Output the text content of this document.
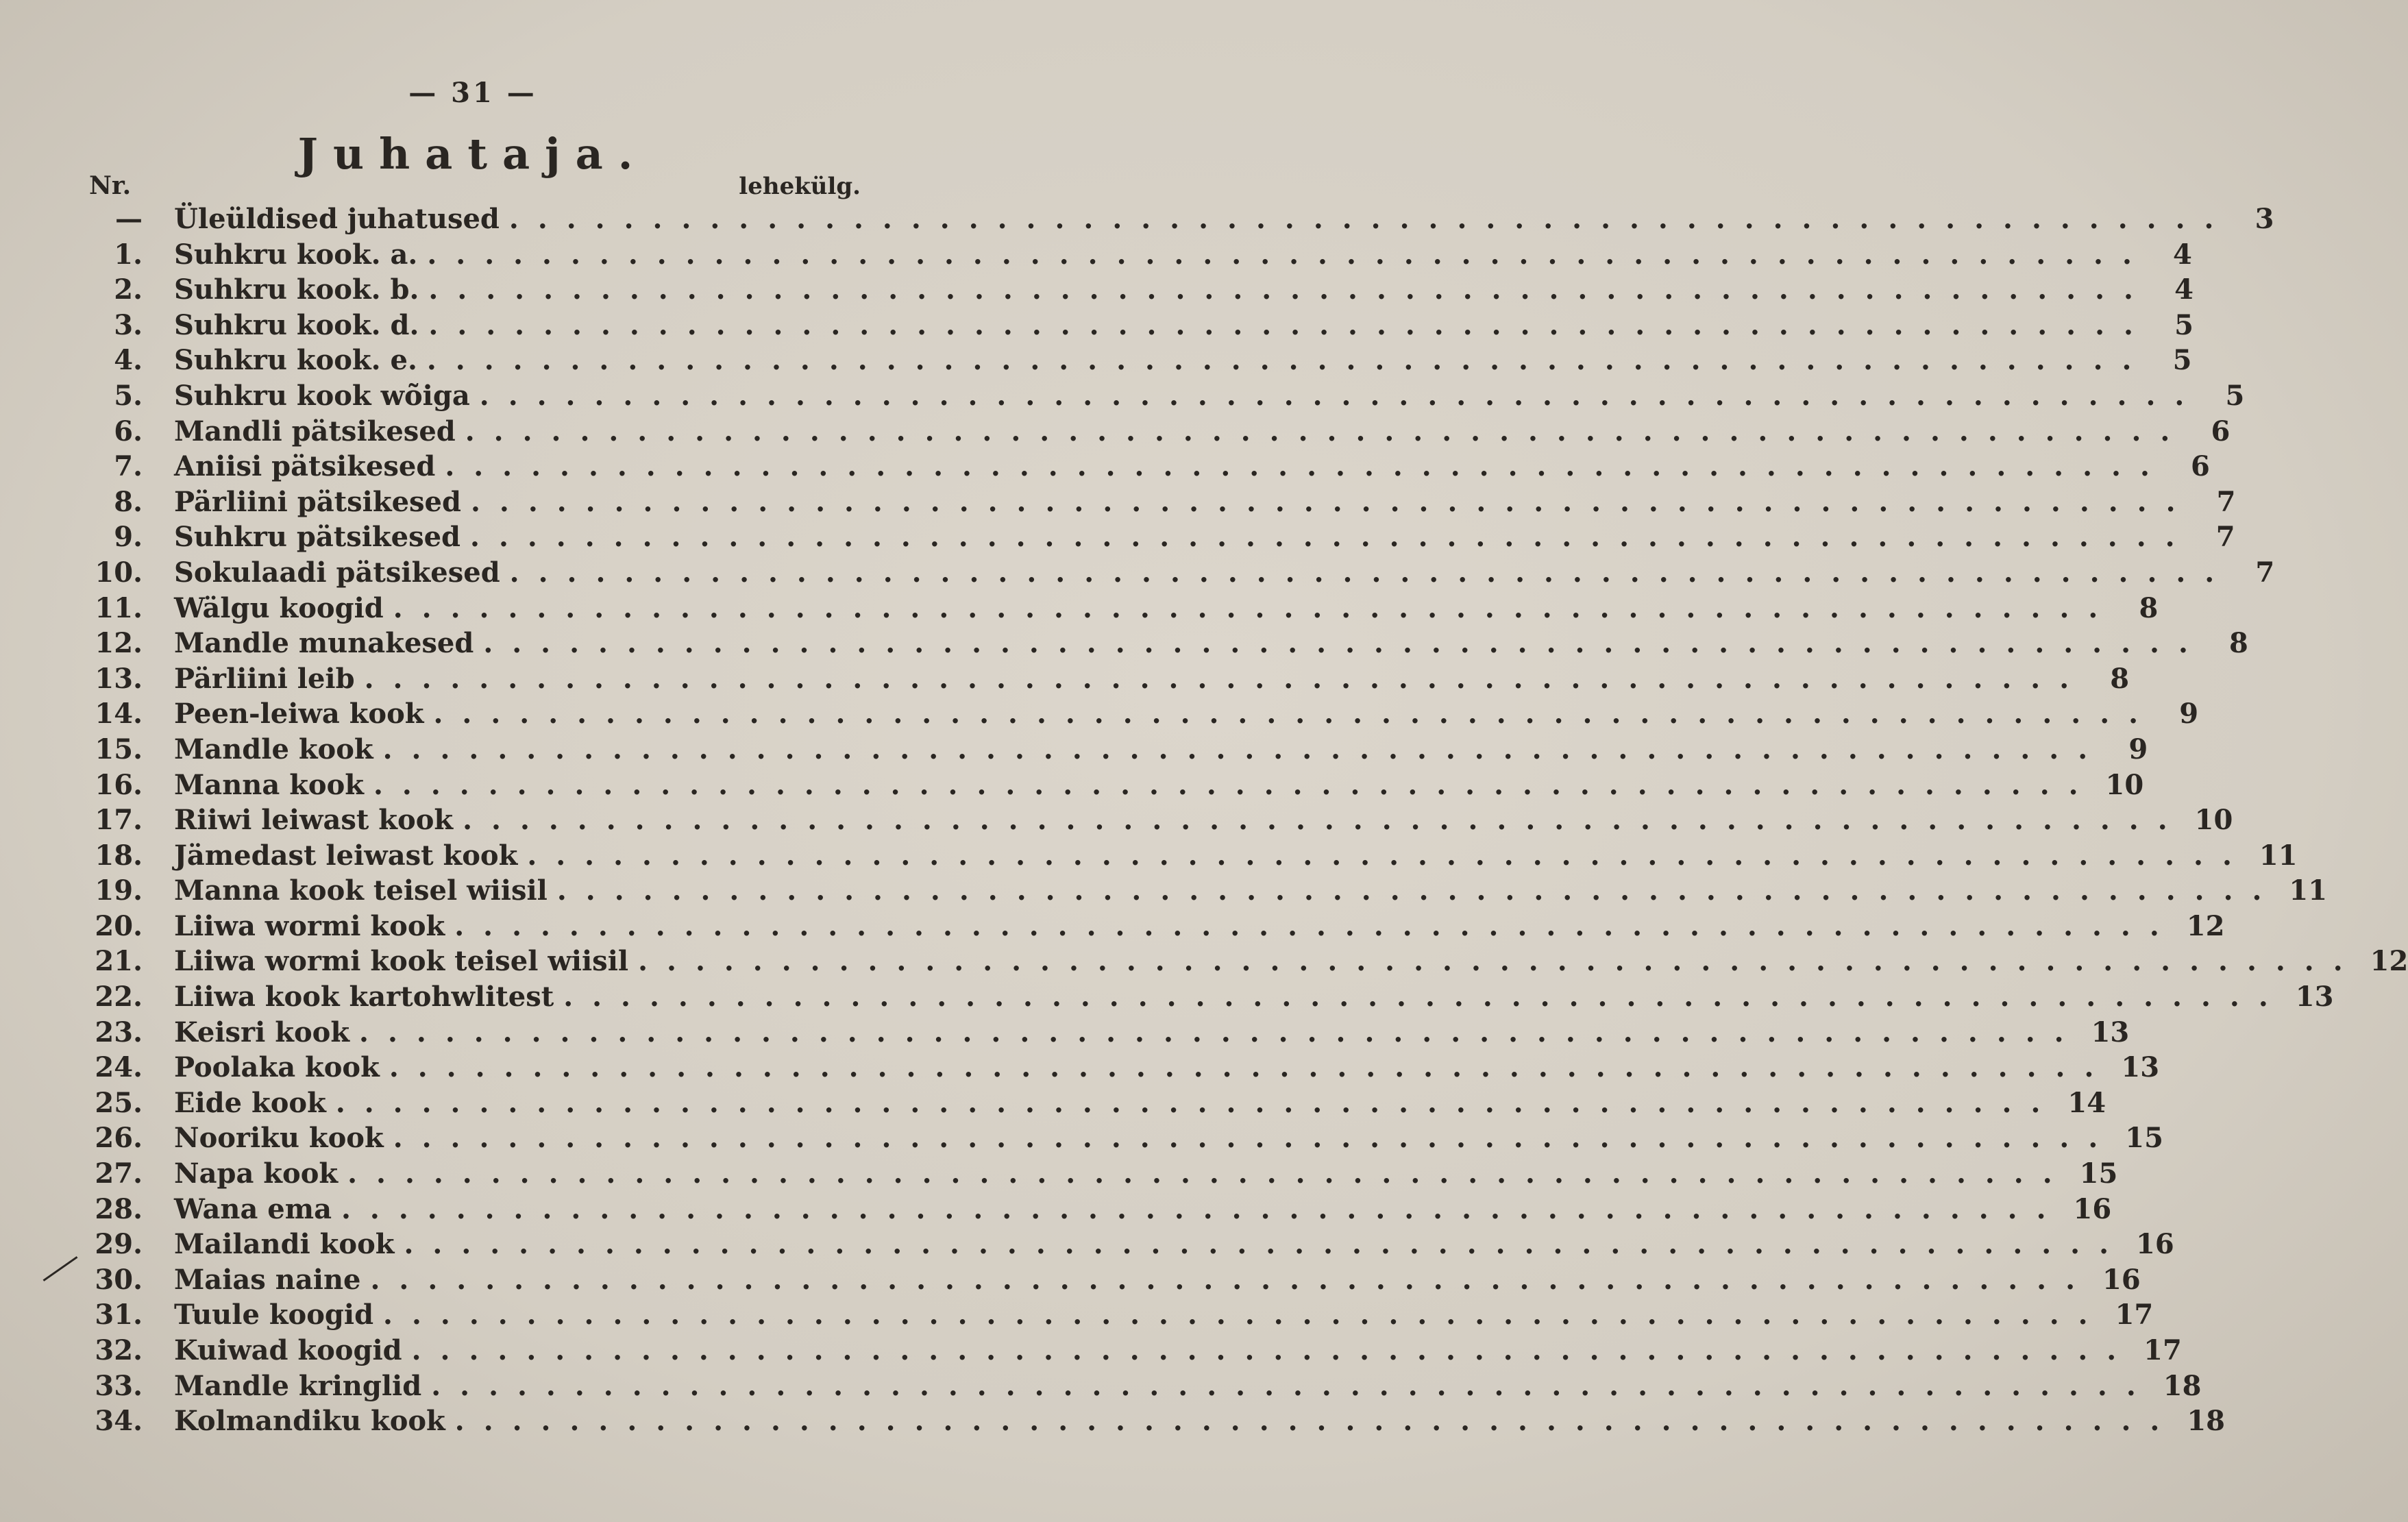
— 31 —
Juhataja.
Nr.	lehekülg.
— Üleüldised juhatused ............................................................ 3
1. Suhkru kook. a. ............................................................ 4
2. Suhkru kook. b. ............................................................ 4
3. Suhkru kook. d. ............................................................ 5
4. Suhkru kook. e. ............................................................ 5
5. Suhkru kook wõiga ............................................................ 5
6. Mandli pätsikesed ............................................................ 6
7. Aniisi pätsikesed ............................................................ 6
8. Pärliini pätsikesed ............................................................ 7
9. Suhkru pätsikesed ............................................................ 7
10. Sokulaadi pätsikesed ............................................................ 7
11. Wälgu koogid ............................................................ 8
12. Mandle munakesed ............................................................ 8
13. Pärliini leib ............................................................ 8
14. Peen-leiwa kook ............................................................ 9
15. Mandle kook ............................................................ 9
16. Manna kook ............................................................ 10
17. Riiwi leiwast kook ............................................................ 10
18. Jämedast leiwast kook ............................................................ 11
19. Manna kook teisel wiisil ............................................................ 11
20. Liiwa wormi kook ............................................................ 12
21. Liiwa wormi kook teisel wiisil ............................................................ 12
22. Liiwa kook kartohwlitest ............................................................ 13
23. Keisri kook ............................................................ 13
24. Poolaka kook ............................................................ 13
25. Eide kook ............................................................ 14
26. Nooriku kook ............................................................ 15
27. Napa kook ............................................................ 15
28. Wana ema ............................................................ 16
29. Mailandi kook ............................................................ 16
30. Maias naine ............................................................ 16
31. Tuule koogid ............................................................ 17
32. Kuiwad koogid ............................................................ 17
33. Mandle kringlid ............................................................ 18
34. Kolmandiku kook ............................................................ 18
